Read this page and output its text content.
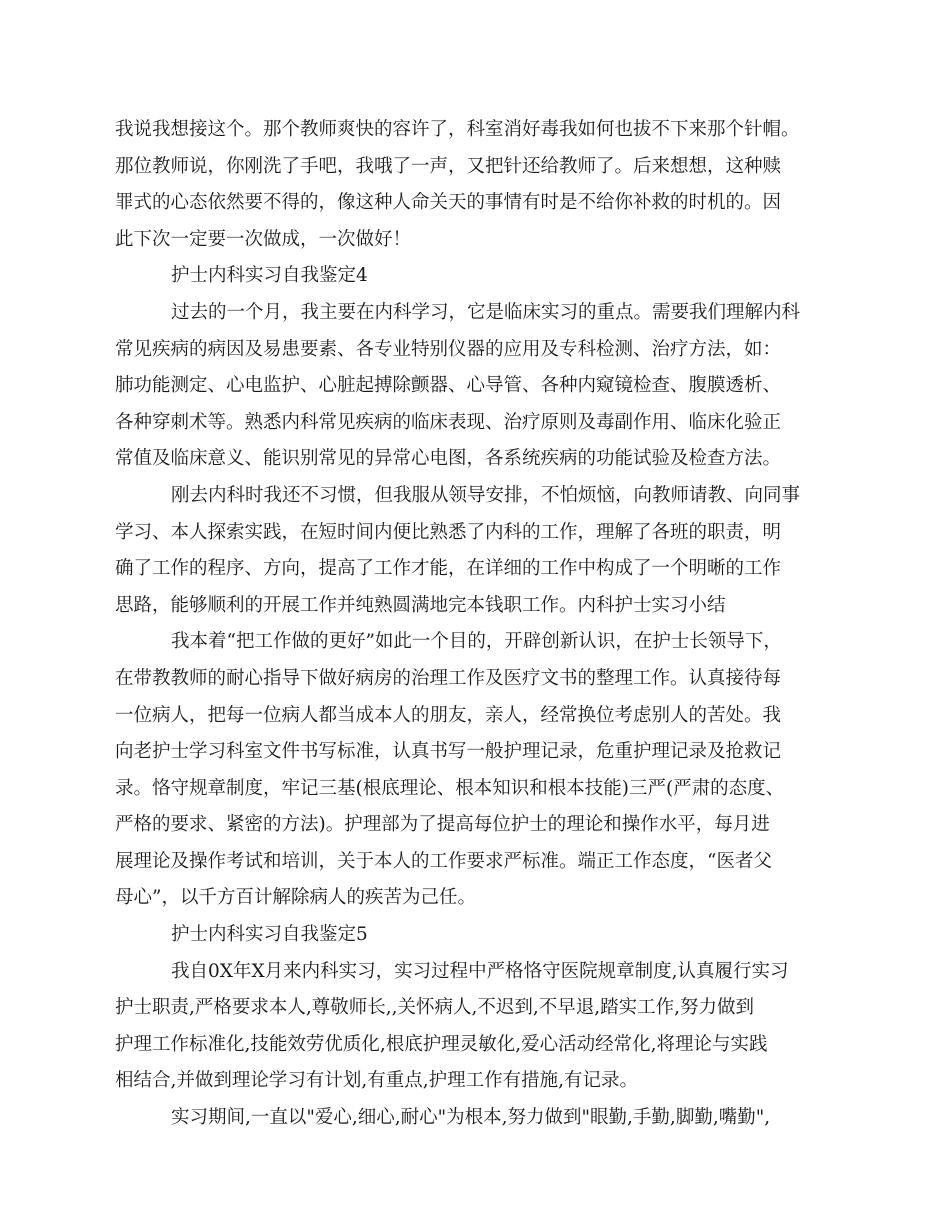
我说我想接这个。那个教师爽快的容许了，科室消好毒我如何也拔不下来那个针帽。
那位教师说，你刚洗了手吧，我哦了一声，又把针还给教师了。后来想想，这种赎
罪式的心态依然要不得的，像这种人命关天的事情有时是不给你补救的时机的。因
此下次一定要一次做成，一次做好！
护士内科实习自我鉴定4
过去的一个月，我主要在内科学习，它是临床实习的重点。需要我们理解内科
常见疾病的病因及易患要素、各专业特别仪器的应用及专科检测、治疗方法，如：
肺功能测定、心电监护、心脏起搏除颤器、心导管、各种内窥镜检查、腹膜透析、
各种穿刺术等。熟悉内科常见疾病的临床表现、治疗原则及毒副作用、临床化验正
常值及临床意义、能识别常见的异常心电图，各系统疾病的功能试验及检查方法。
刚去内科时我还不习惯，但我服从领导安排，不怕烦恼，向教师请教、向同事
学习、本人探索实践，在短时间内便比熟悉了内科的工作，理解了各班的职责，明
确了工作的程序、方向，提高了工作才能，在详细的工作中构成了一个明晰的工作
思路，能够顺利的开展工作并纯熟圆满地完本钱职工作。内科护士实习小结
我本着“把工作做的更好”如此一个目的，开辟创新认识，在护士长领导下，
在带教教师的耐心指导下做好病房的治理工作及医疗文书的整理工作。认真接待每
一位病人，把每一位病人都当成本人的朋友，亲人，经常换位考虑别人的苦处。我
向老护士学习科室文件书写标准，认真书写一般护理记录，危重护理记录及抢救记
录。恪守规章制度，牢记三基(根底理论、根本知识和根本技能)三严(严肃的态度、
严格的要求、紧密的方法)。护理部为了提高每位护士的理论和操作水平，每月进
展理论及操作考试和培训，关于本人的工作要求严标准。端正工作态度，“医者父
母心”，以千方百计解除病人的疾苦为己任。
护士内科实习自我鉴定5
我自0X年X月来内科实习，实习过程中严格恪守医院规章制度,认真履行实习
护士职责,严格要求本人,尊敬师长,,关怀病人,不迟到,不早退,踏实工作,努力做到
护理工作标准化,技能效劳优质化,根底护理灵敏化,爱心活动经常化,将理论与实践
相结合,并做到理论学习有计划,有重点,护理工作有措施,有记录。
实习期间,一直以"爱心,细心,耐心"为根本,努力做到"眼勤,手勤,脚勤,嘴勤",
